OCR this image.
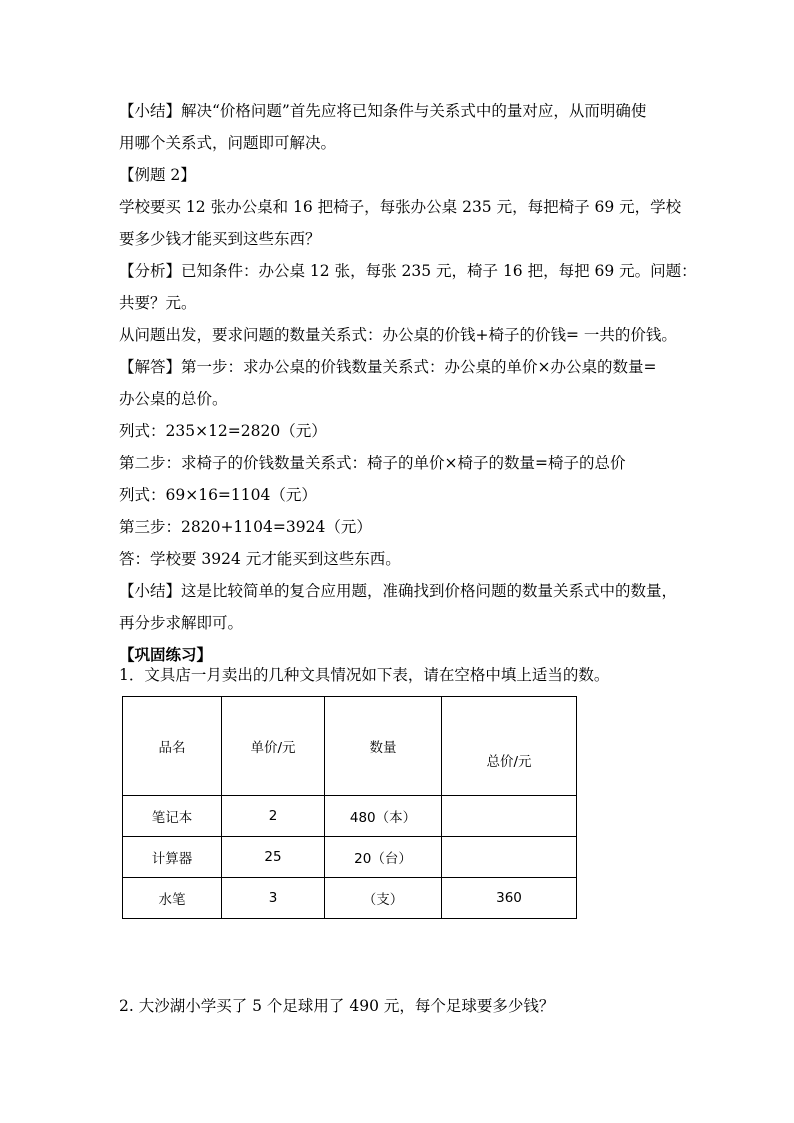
【小结】解决“价格问题”首先应将已知条件与关系式中的量对应，从而明确使
用哪个关系式，问题即可解决。
【例题 2】
学校要买 12 张办公桌和 16 把椅子，每张办公桌 235 元，每把椅子 69 元，学校
要多少钱才能买到这些东西？
【分析】已知条件：办公桌 12 张，每张 235 元，椅子 16 把，每把 69 元。问题：
共要？元。
从问题出发，要求问题的数量关系式：办公桌的价钱+椅子的价钱= 一共的价钱。
【解答】第一步：求办公桌的价钱数量关系式：办公桌的单价×办公桌的数量=
办公桌的总价。
列式：235×12=2820（元）
第二步：求椅子的价钱数量关系式：椅子的单价×椅子的数量=椅子的总价
列式：69×16=1104（元）
第三步：2820+1104=3924（元）
答：学校要 3924 元才能买到这些东西。
【小结】这是比较简单的复合应用题，准确找到价格问题的数量关系式中的数量，
再分步求解即可。
【巩固练习】
1．文具店一月卖出的几种文具情况如下表，请在空格中填上适当的数。
品名	单价/元	数量	总价/元
笔记本	2	480（本）	
计算器	25	20（台）	
水笔	3	（支）	360
2. 大沙湖小学买了 5 个足球用了 490 元，每个足球要多少钱？
